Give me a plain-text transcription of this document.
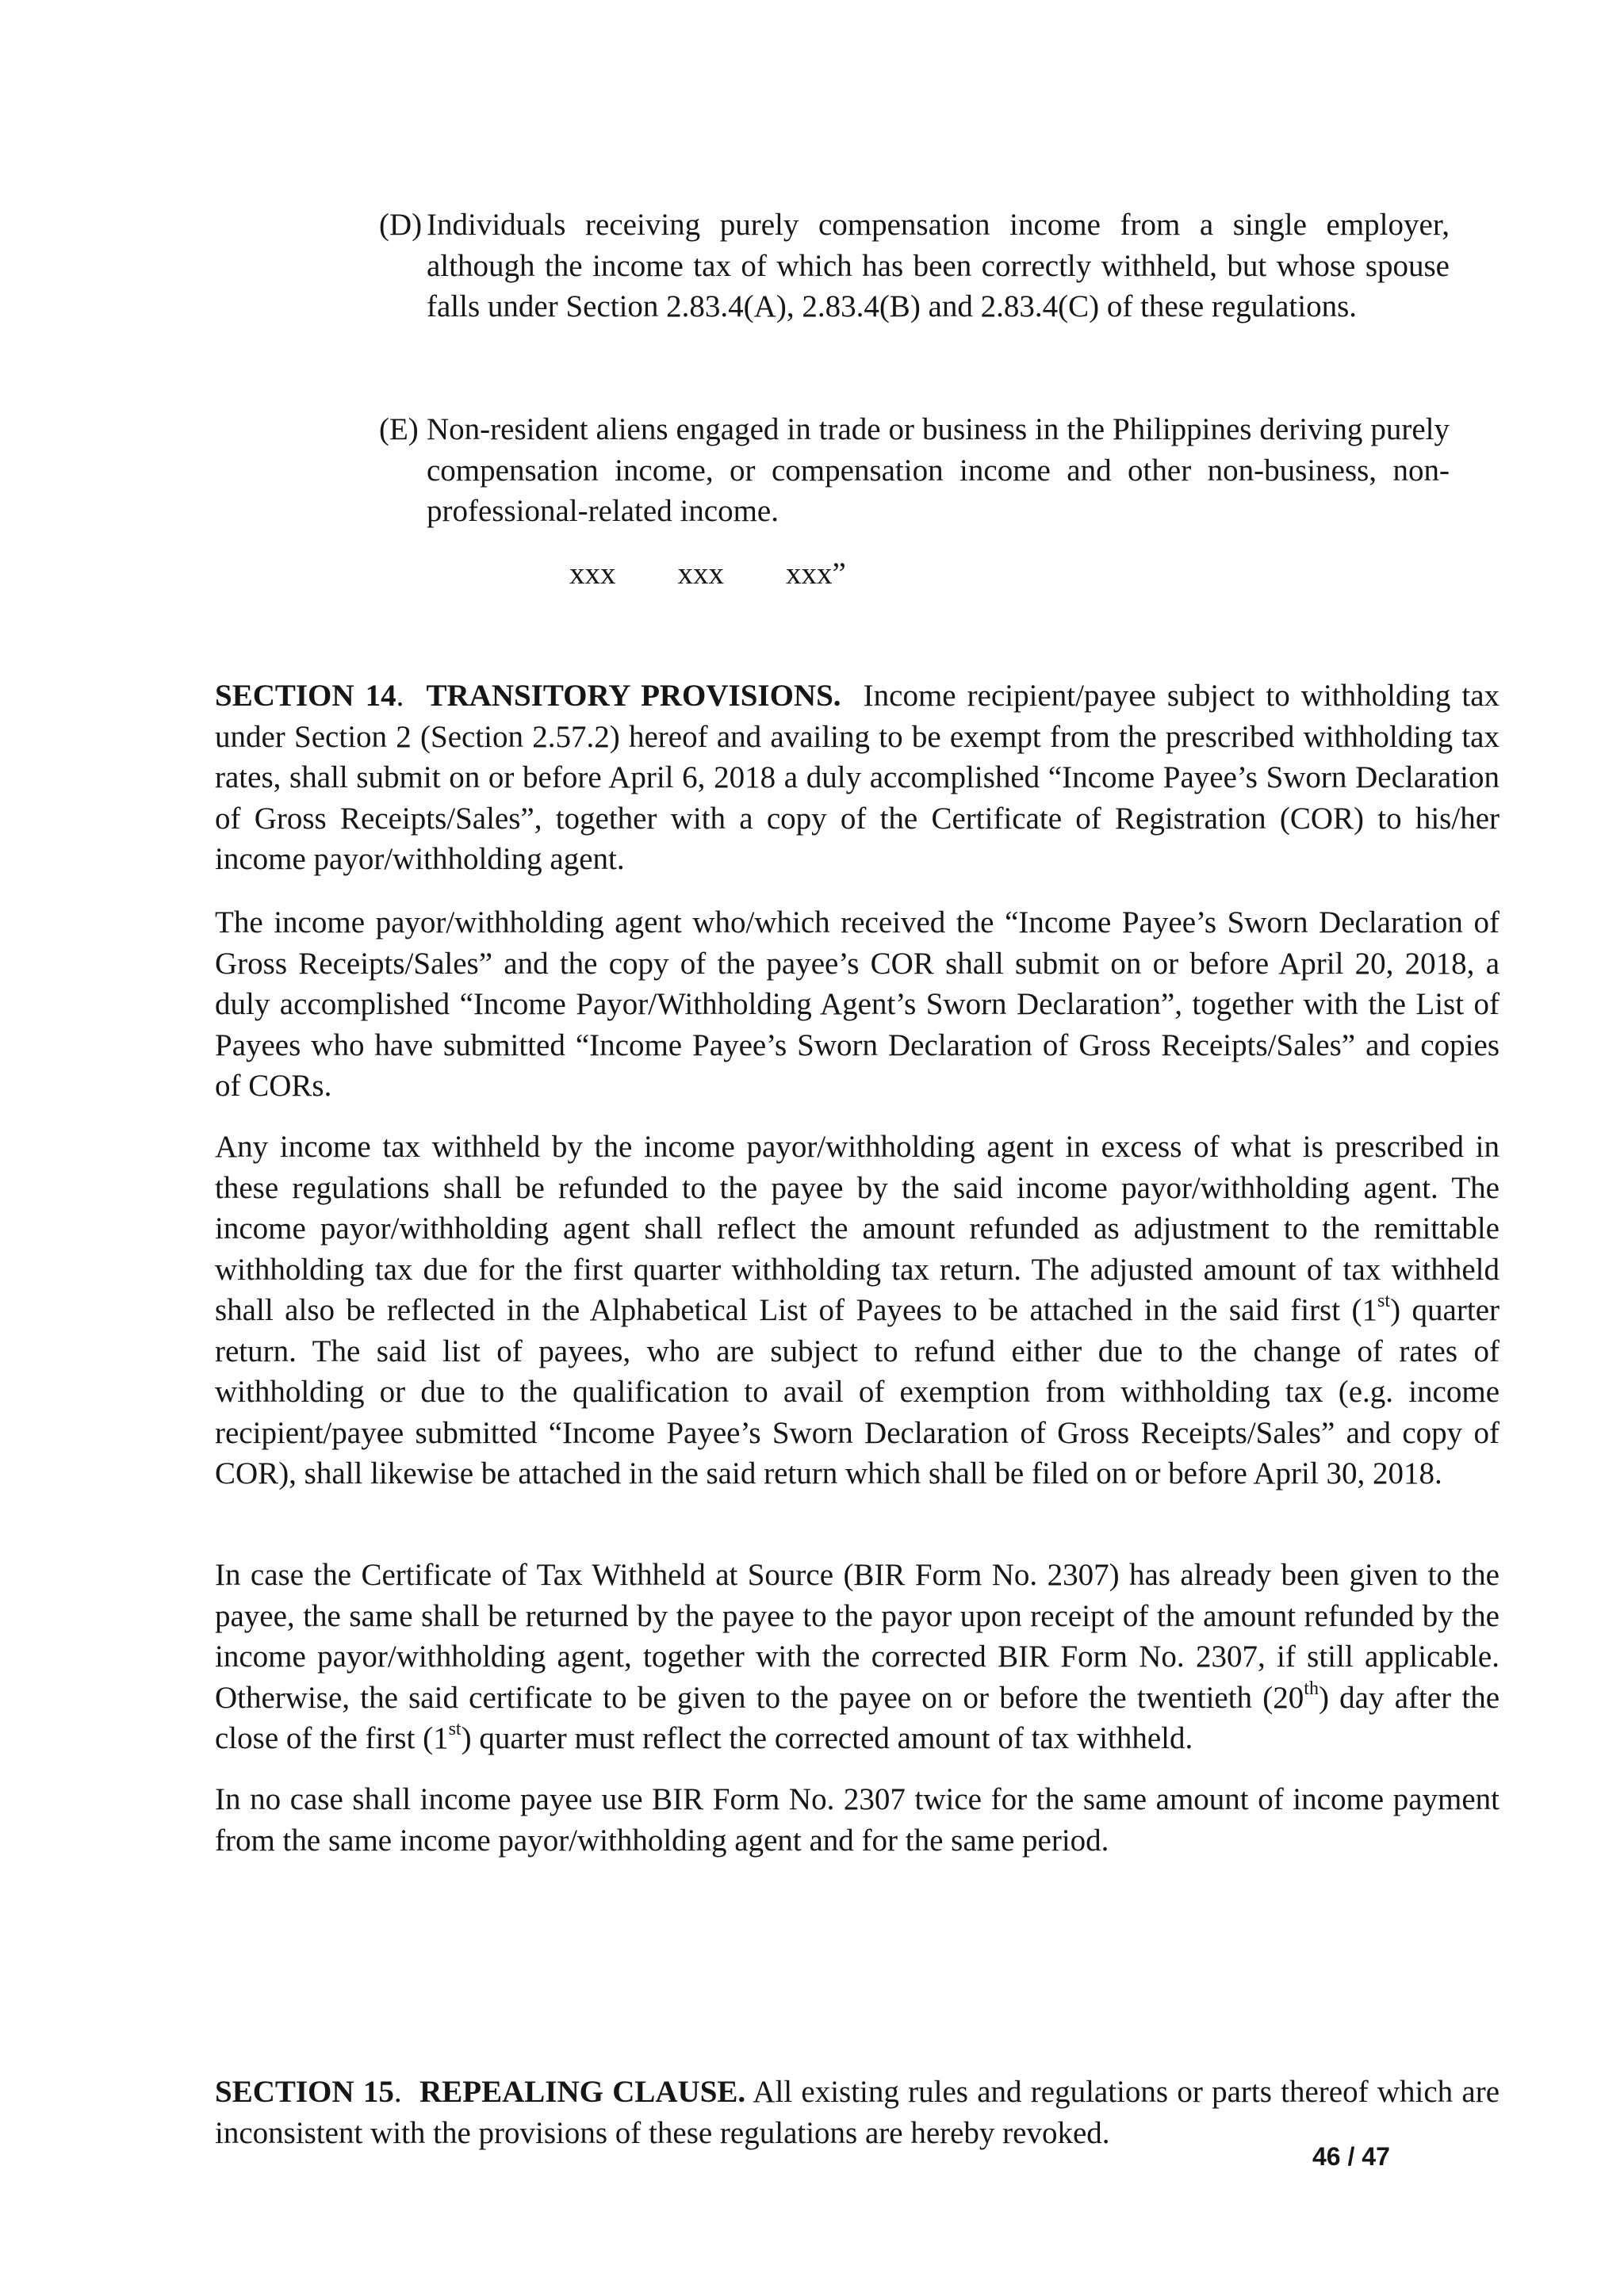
(D) Individuals receiving purely compensation income from a single employer, although the income tax of which has been correctly withheld, but whose spouse falls under Section 2.83.4(A), 2.83.4(B) and 2.83.4(C) of these regulations.
(E) Non-resident aliens engaged in trade or business in the Philippines deriving purely compensation income, or compensation income and other non-business, non-professional-related income.
xxx        xxx        xxx”

SECTION 14.  TRANSITORY PROVISIONS. Income recipient/payee subject to withholding tax under Section 2 (Section 2.57.2) hereof and availing to be exempt from the prescribed withholding tax rates, shall submit on or before April 6, 2018 a duly accomplished “Income Payee’s Sworn Declaration of Gross Receipts/Sales”, together with a copy of the Certificate of Registration (COR) to his/her income payor/withholding agent.

The income payor/withholding agent who/which received the “Income Payee’s Sworn Declaration of Gross Receipts/Sales” and the copy of the payee’s COR shall submit on or before April 20, 2018, a duly accomplished “Income Payor/Withholding Agent’s Sworn Declaration”, together with the List of Payees who have submitted “Income Payee’s Sworn Declaration of Gross Receipts/Sales” and copies of CORs.

Any income tax withheld by the income payor/withholding agent in excess of what is prescribed in these regulations shall be refunded to the payee by the said income payor/withholding agent. The income payor/withholding agent shall reflect the amount refunded as adjustment to the remittable withholding tax due for the first quarter withholding tax return. The adjusted amount of tax withheld shall also be reflected in the Alphabetical List of Payees to be attached in the said first (1st) quarter return. The said list of payees, who are subject to refund either due to the change of rates of withholding or due to the qualification to avail of exemption from withholding tax (e.g. income recipient/payee submitted “Income Payee’s Sworn Declaration of Gross Receipts/Sales” and copy of COR), shall likewise be attached in the said return which shall be filed on or before April 30, 2018.

In case the Certificate of Tax Withheld at Source (BIR Form No. 2307) has already been given to the payee, the same shall be returned by the payee to the payor upon receipt of the amount refunded by the income payor/withholding agent, together with the corrected BIR Form No. 2307, if still applicable. Otherwise, the said certificate to be given to the payee on or before the twentieth (20th) day after the close of the first (1st) quarter must reflect the corrected amount of tax withheld.

In no case shall income payee use BIR Form No. 2307 twice for the same amount of income payment from the same income payor/withholding agent and for the same period.

SECTION 15.  REPEALING CLAUSE. All existing rules and regulations or parts thereof which are inconsistent with the provisions of these regulations are hereby revoked.

46 / 47
